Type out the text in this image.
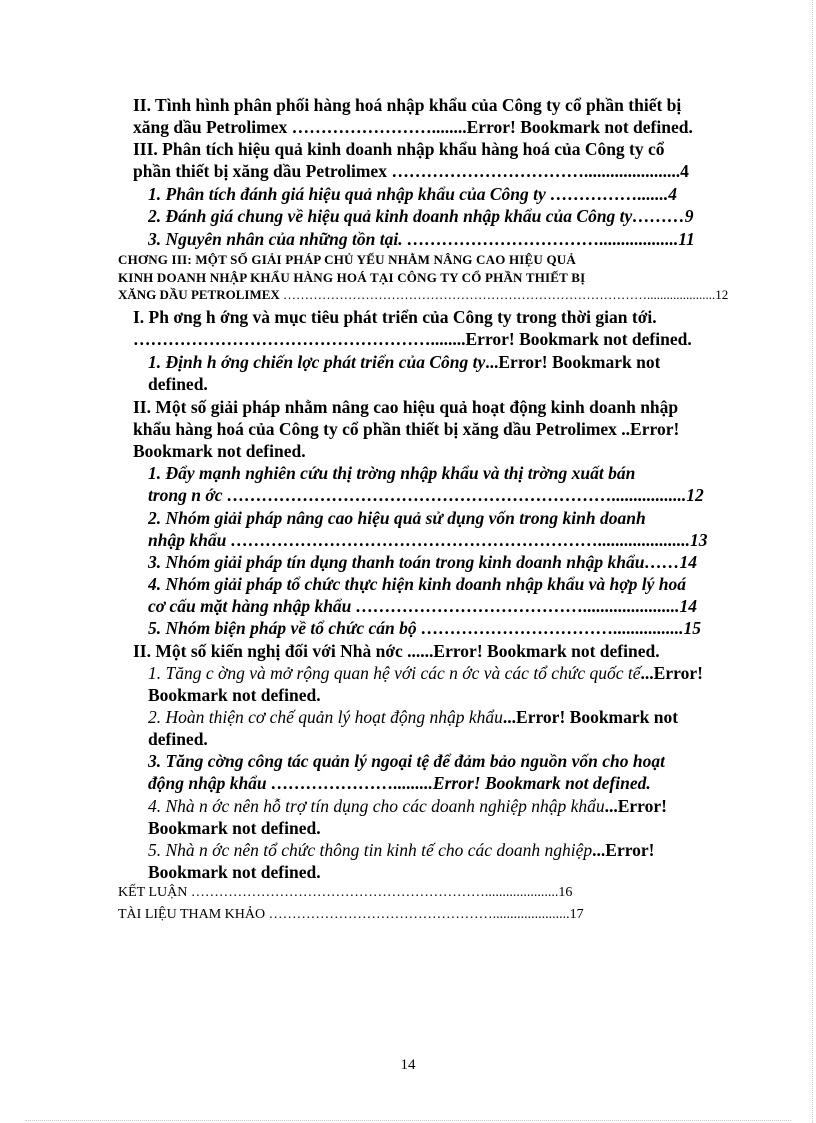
II. Tình hình phân phối hàng hoá nhập khẩu của Công ty cổ phần thiết bị
xăng dầu Petrolimex ……………………........Error! Bookmark not defined.
III. Phân tích hiệu quả kinh doanh nhập khẩu hàng hoá của Công ty cổ
phần thiết bị xăng dầu Petrolimex ……………………………......................4
1. Phân tích đánh giá hiệu quả nhập khẩu của Công ty …………….......4
2. Đánh giá chung về hiệu quả kinh doanh nhập khẩu của Công ty………9
3. Nguyên nhân của những tồn tại. ……………………………..................11
CHƠNG III: MỘT SỐ GIẢI PHÁP CHỦ YẾU NHẰM NÂNG CAO HIỆU QUẢ
KINH DOANH NHẬP KHẨU HÀNG HOÁ TẠI CÔNG TY CỔ PHẦN THIẾT BỊ
XĂNG DẦU PETROLIMEX ………………………………………………………………………….....................12
I. Ph ơng h ớng và mục tiêu phát triển của Công ty trong thời gian tới.
……………………………………………........Error! Bookmark not defined.
1. Định h ớng chiến lợc phát triển của Công ty...Error! Bookmark not
defined.
II. Một số giải pháp nhằm nâng cao hiệu quả hoạt động kinh doanh nhập
khẩu hàng hoá của Công ty cổ phần thiết bị xăng dầu Petrolimex ..Error!
Bookmark not defined.
1. Đẩy mạnh nghiên cứu thị trờng nhập khẩu và thị trờng xuất bán
trong n ớc ………………………………………………………….................12
2. Nhóm giải pháp nâng cao hiệu quả sử dụng vốn trong kinh doanh
nhập khẩu ……………………………………………………….....................13
3. Nhóm giải pháp tín dụng thanh toán trong kinh doanh nhập khẩu……14
4. Nhóm giải pháp tổ chức thực hiện kinh doanh nhập khẩu và hợp lý hoá
cơ cấu mặt hàng nhập khẩu …………………………………......................14
5. Nhóm biện pháp về tổ chức cán bộ ……………………………................15
II. Một số kiến nghị đối với Nhà nớc ......Error! Bookmark not defined.
1. Tăng c ờng và mở rộng quan hệ với các n ớc và các tổ chức quốc tế...Error!
Bookmark not defined.
2. Hoàn thiện cơ chế quản lý hoạt động nhập khẩu...Error! Bookmark not
defined.
3. Tăng cờng công tác quản lý ngoại tệ để đảm bảo nguồn vốn cho hoạt
động nhập khẩu ………………….........Error! Bookmark not defined.
4. Nhà n ớc nên hỗ trợ tín dụng cho các doanh nghiệp nhập khẩu...Error!
Bookmark not defined.
5. Nhà n ớc nên tổ chức thông tin kinh tế cho các doanh nghiệp...Error!
Bookmark not defined.
KẾT LUẬN ……………………………………………………….....................16
TÀI LIỆU THAM KHẢO …………………………………………......................17
14
